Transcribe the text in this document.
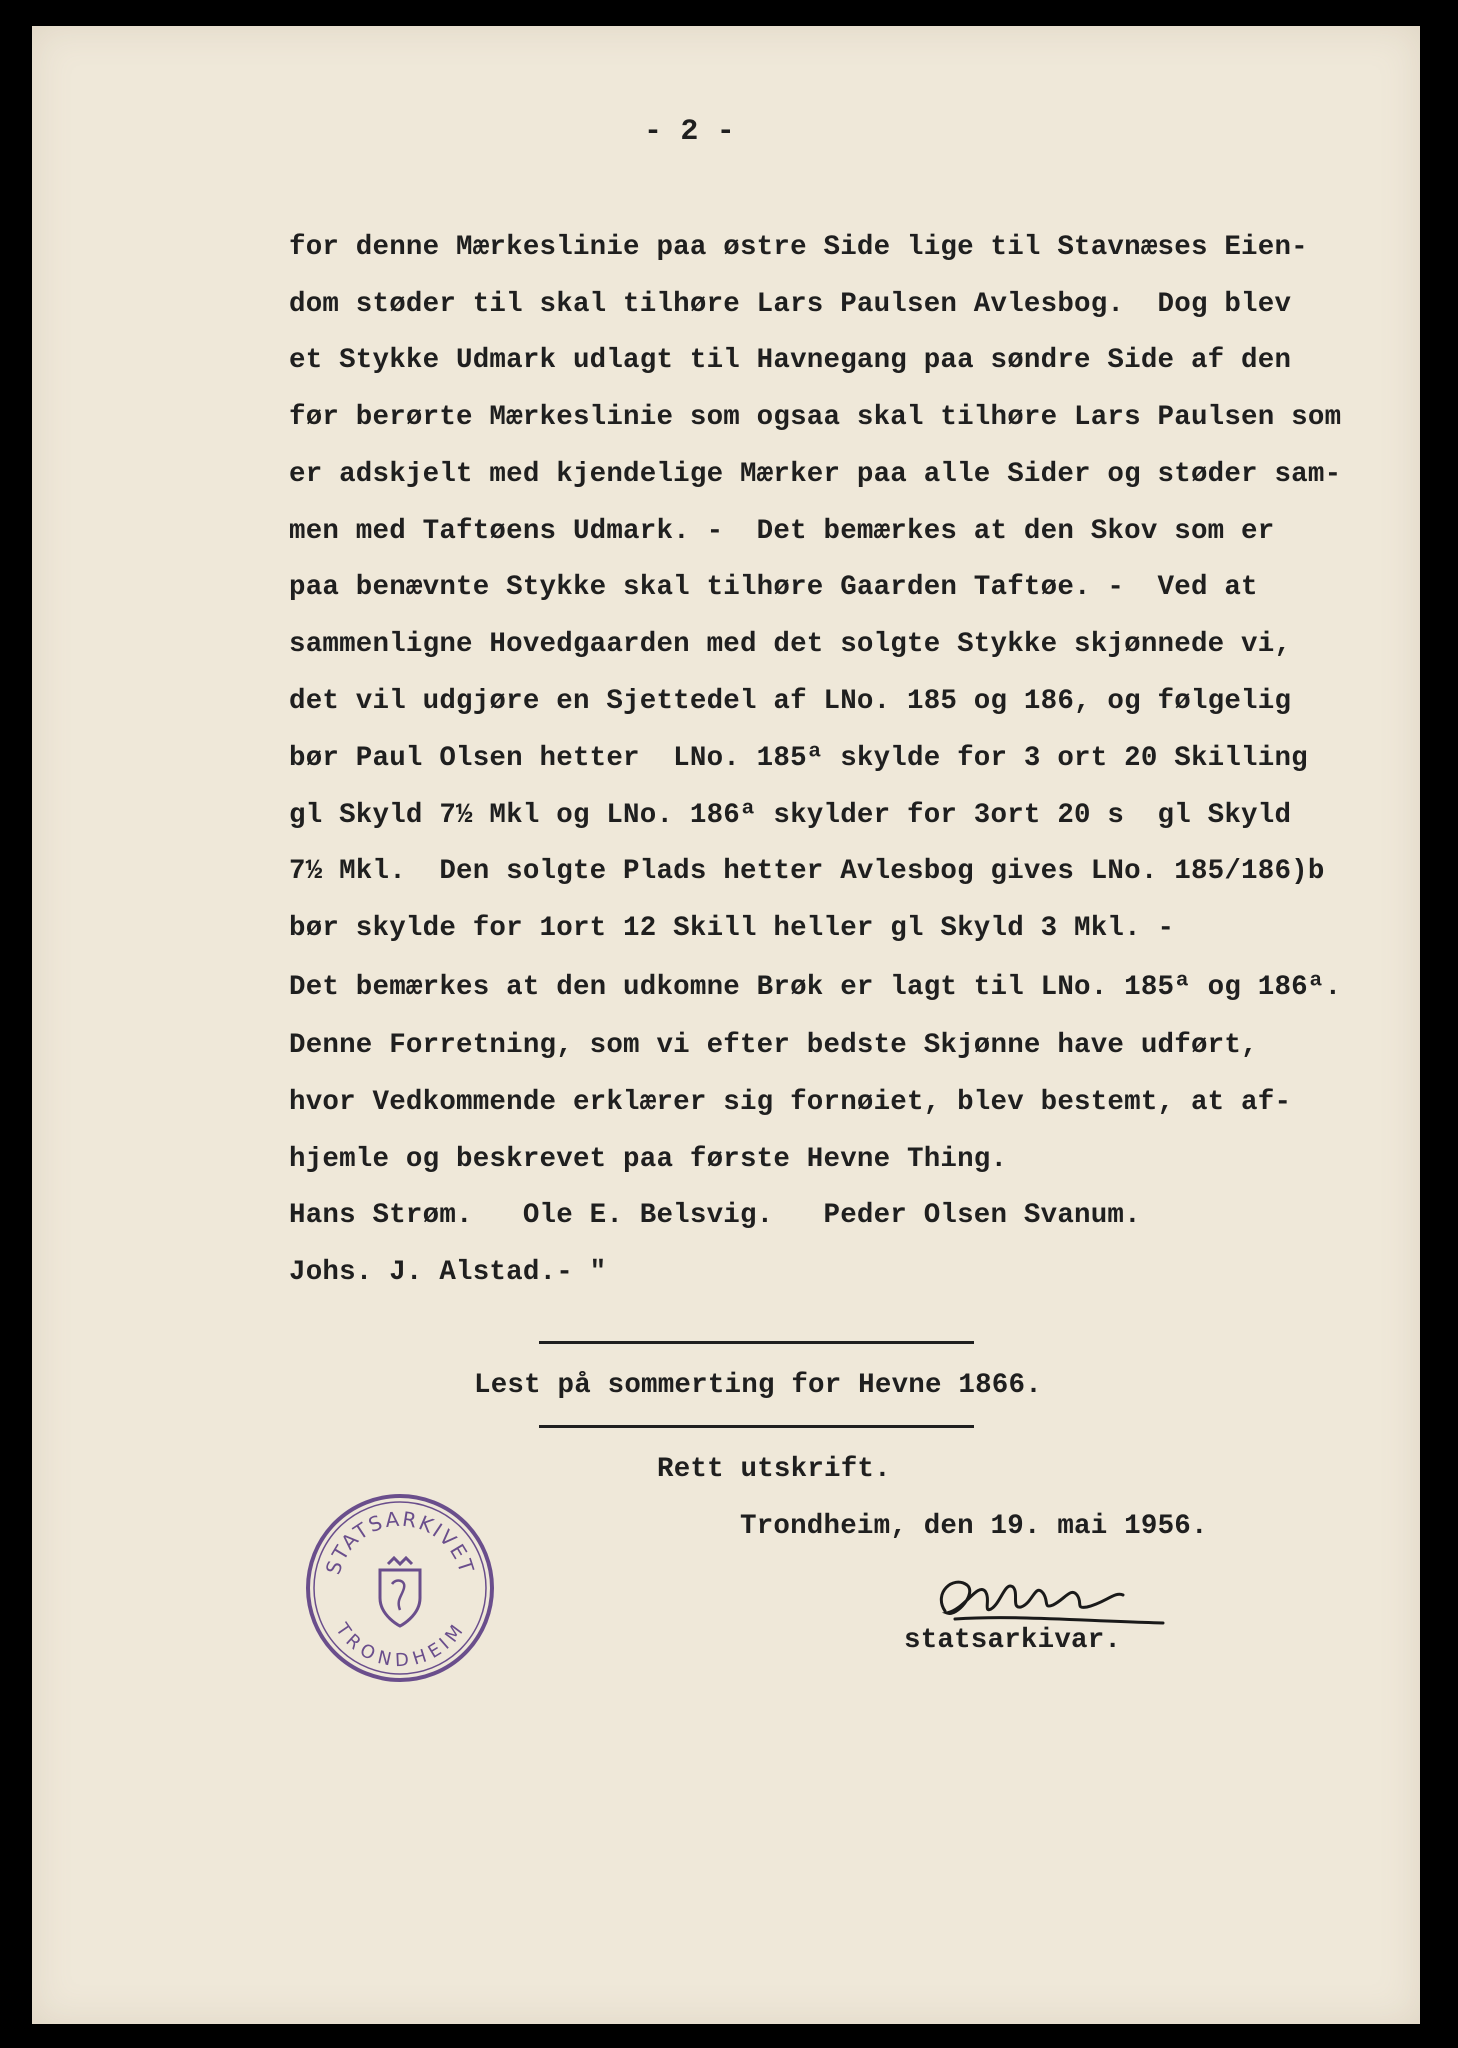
- 2 -
for denne Mærkeslinie paa østre Side lige til Stavnæses Eien-
dom støder til skal tilhøre Lars Paulsen Avlesbog.  Dog blev
et Stykke Udmark udlagt til Havnegang paa søndre Side af den
før berørte Mærkeslinie som ogsaa skal tilhøre Lars Paulsen som
er adskjelt med kjendelige Mærker paa alle Sider og støder sam-
men med Taftøens Udmark. -  Det bemærkes at den Skov som er
paa benævnte Stykke skal tilhøre Gaarden Taftøe. -  Ved at
sammenligne Hovedgaarden med det solgte Stykke skjønnede vi,
det vil udgjøre en Sjettedel af LNo. 185 og 186, og følgelig
bør Paul Olsen hetter  LNo. 185ª skylde for 3 ort 20 Skilling
gl Skyld 7½ Mkl og LNo. 186ª skylder for 3ort 20 s  gl Skyld
7½ Mkl.  Den solgte Plads hetter Avlesbog gives LNo. 185/186)b
bør skylde for 1ort 12 Skill heller gl Skyld 3 Mkl. -
Det bemærkes at den udkomne Brøk er lagt til LNo. 185ª og 186ª.
Denne Forretning, som vi efter bedste Skjønne have udført,
hvor Vedkommende erklærer sig fornøiet, blev bestemt, at af-
hjemle og beskrevet paa første Hevne Thing.
Hans Strøm.   Ole E. Belsvig.   Peder Olsen Svanum.
Johs. J. Alstad.- "
Lest på sommerting for Hevne 1866.
Rett utskrift.
Trondheim, den 19. mai 1956.
statsarkivar.
STATSARKIVET
TRONDHEIM
